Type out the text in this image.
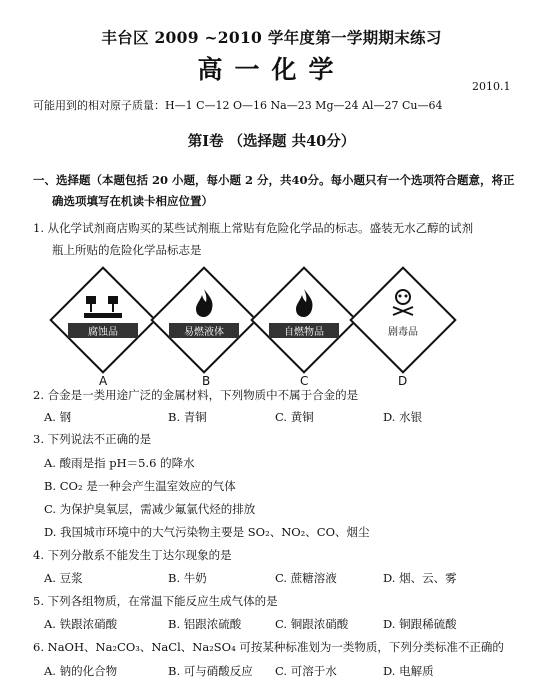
丰台区 2009 ~2010 学年度第一学期期末练习
高一化学
2010.1
可能用到的相对原子质量：H—1 C—12 O—16 Na—23 Mg—24 Al—27 Cu—64
第Ⅰ卷 （选择题 共40分）
一、选择题（本题包括 20 小题，每小题 2 分，共40分。每小题只有一个选项符合题意，将正
确选项填写在机读卡相应位置）
1. 从化学试剂商店购买的某些试剂瓶上常贴有危险化学品的标志。盛装无水乙醇的试剂
瓶上所贴的危险化学品标志是
腐蚀品
A
易燃液体
B
自燃物品
C
剧毒品
D
2. 合金是一类用途广泛的金属材料，下列物质中不属于合金的是
A. 钢	B. 青铜	C. 黄铜	D. 水银
3. 下列说法不正确的是
A. 酸雨是指 pH＝5.6 的降水
B. CO₂ 是一种会产生温室效应的气体
C. 为保护臭氧层，需减少氟氯代烃的排放
D. 我国城市环境中的大气污染物主要是 SO₂、NO₂、CO、烟尘
4. 下列分散系不能发生丁达尔现象的是
A. 豆浆	B. 牛奶	C. 蔗糖溶液	D. 烟、云、雾
5. 下列各组物质，在常温下能反应生成气体的是
A. 铁跟浓硝酸	B. 铝跟浓硫酸	C. 铜跟浓硝酸	D. 铜跟稀硫酸
6. NaOH、Na₂CO₃、NaCl、Na₂SO₄ 可按某种标准划为一类物质，下列分类标准不正确的
A. 钠的化合物	B. 可与硝酸反应 C. 可溶于水	D. 电解质
